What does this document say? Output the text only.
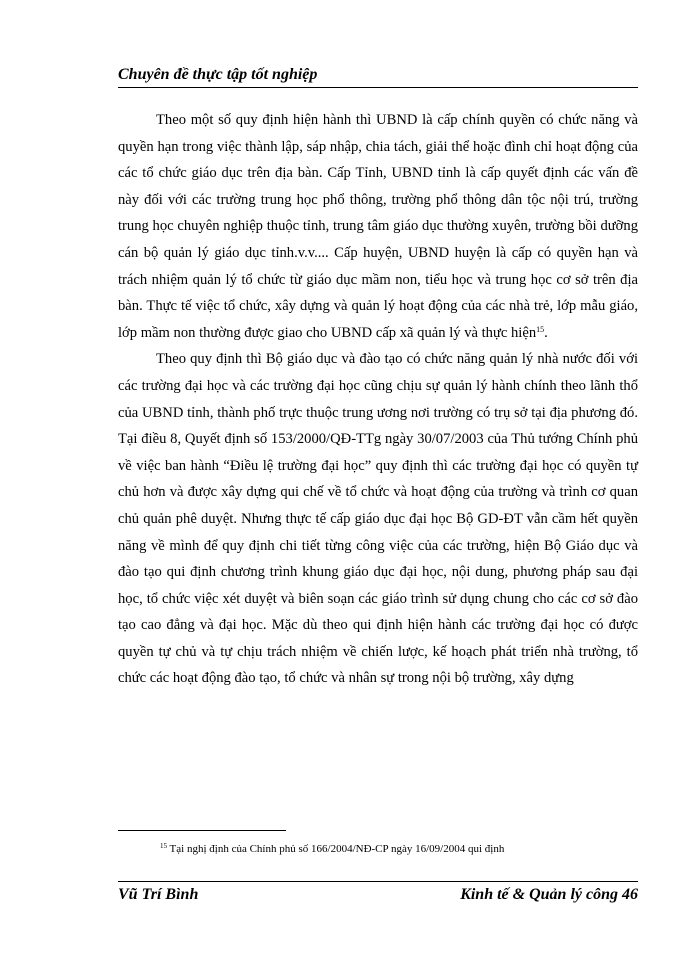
Chuyên đề thực tập tốt nghiệp

Theo một số quy định hiện hành thì UBND là cấp chính quyền có chức năng và quyền hạn trong việc thành lập, sáp nhập, chia tách, giải thể hoặc đình chỉ hoạt động của các tổ chức giáo dục trên địa bàn. Cấp Tỉnh, UBND tỉnh là cấp quyết định các vấn đề này đối với các trường trung học phổ thông, trường phổ thông dân tộc nội trú, trường trung học chuyên nghiệp thuộc tỉnh, trung tâm giáo dục thường xuyên, trường bồi dưỡng cán bộ quản lý giáo dục tỉnh.v.v.... Cấp huyện, UBND huyện là cấp có quyền hạn và trách nhiệm quản lý tổ chức từ giáo dục mầm non, tiểu học và trung học cơ sở trên địa bàn. Thực tế việc tổ chức, xây dựng và quản lý hoạt động của các nhà trẻ, lớp mẫu giáo, lớp mầm non thường được giao cho UBND cấp xã quản lý và thực hiện$^{15}$.

Theo quy định thì Bộ giáo dục và đào tạo có chức năng quản lý nhà nước đối với các trường đại học và các trường đại học cũng chịu sự quản lý hành chính theo lãnh thổ của UBND tỉnh, thành phố trực thuộc trung ương nơi trường có trụ sở tại địa phương đó. Tại điều 8, Quyết định số 153/2000/QĐ-TTg ngày 30/07/2003 của Thủ tướng Chính phủ về việc ban hành “Điều lệ trường đại học” quy định thì các trường đại học có quyền tự chủ hơn và được xây dựng qui chế về tổ chức và hoạt động của trường và trình cơ quan chủ quản phê duyệt. Nhưng thực tế cấp giáo dục đại học Bộ GD-ĐT vẫn cầm hết quyền năng về mình để quy định chi tiết từng công việc của các trường, hiện Bộ Giáo dục và đào tạo qui định chương trình khung giáo dục đại học, nội dung, phương pháp sau đại học, tổ chức việc xét duyệt và biên soạn các giáo trình sử dụng chung cho các cơ sở đào tạo cao đẳng và đại học. Mặc dù theo qui định hiện hành các trường đại học có được quyền tự chủ và tự chịu trách nhiệm về chiến lược, kế hoạch phát triển nhà trường, tổ chức các hoạt động đào tạo, tổ chức và nhân sự trong nội bộ trường, xây dựng

$^{15}$ Tại nghị định của Chính phủ số 166/2004/NĐ-CP ngày 16/09/2004 qui định
Vũ Trí Bình	Kinh tế & Quản lý công 46
